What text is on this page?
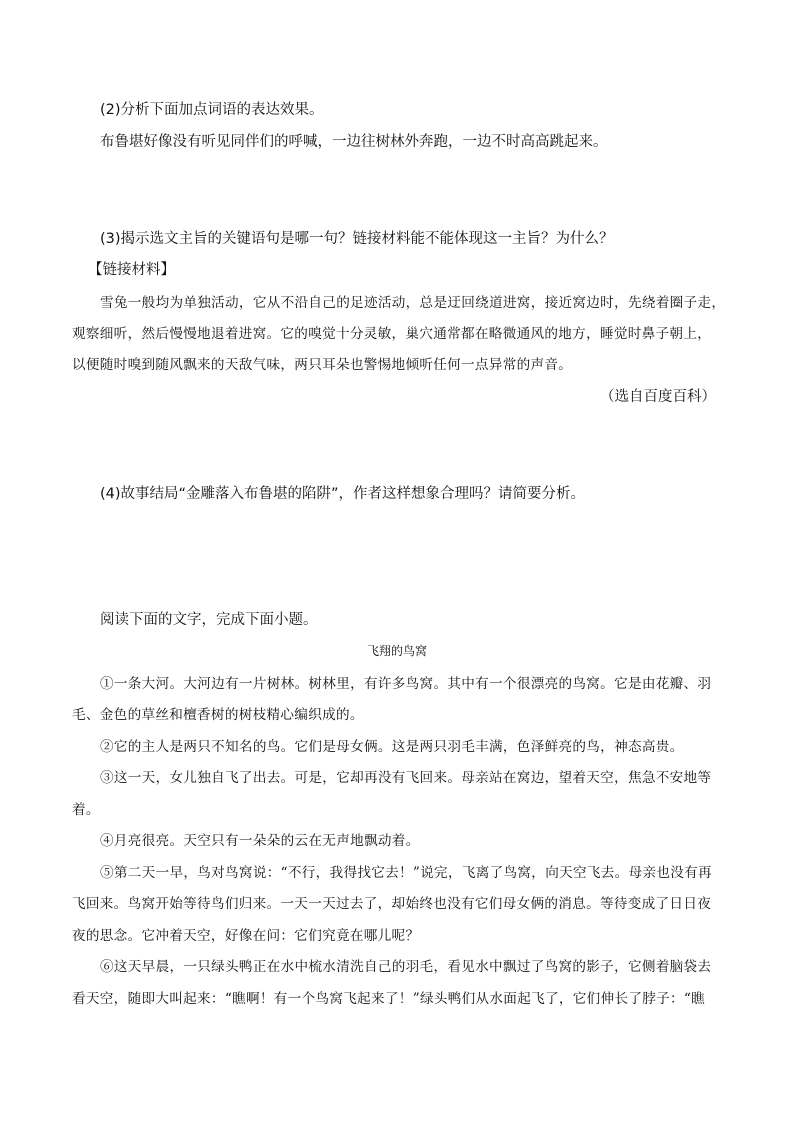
(2)分析下面加点词语的表达效果。
布鲁堪好像没有听见同伴们的呼喊，一边往树林外奔跑，一边不时高高跳起来。
(3)揭示选文主旨的关键语句是哪一句？链接材料能不能体现这一主旨？为什么？
【链接材料】
雪兔一般均为单独活动，它从不沿自己的足迹活动，总是迂回绕道进窝，接近窝边时，先绕着圈子走，
观察细听，然后慢慢地退着进窝。它的嗅觉十分灵敏，巢穴通常都在略微通风的地方，睡觉时鼻子朝上，
以便随时嗅到随风飘来的天敌气味，两只耳朵也警惕地倾听任何一点异常的声音。
（选自百度百科）
(4)故事结局“金雕落入布鲁堪的陷阱”，作者这样想象合理吗？请简要分析。
阅读下面的文字，完成下面小题。
飞翔的鸟窝
①一条大河。大河边有一片树林。树林里，有许多鸟窝。其中有一个很漂亮的鸟窝。它是由花瓣、羽
毛、金色的草丝和檀香树的树枝精心编织成的。
②它的主人是两只不知名的鸟。它们是母女俩。这是两只羽毛丰满，色泽鲜亮的鸟，神态高贵。
③这一天，女儿独自飞了出去。可是，它却再没有飞回来。母亲站在窝边，望着天空，焦急不安地等
着。
④月亮很亮。天空只有一朵朵的云在无声地飘动着。
⑤第二天一早，鸟对鸟窝说：“不行，我得找它去！”说完，飞离了鸟窝，向天空飞去。母亲也没有再
飞回来。鸟窝开始等待鸟们归来。一天一天过去了，却始终也没有它们母女俩的消息。等待变成了日日夜
夜的思念。它冲着天空，好像在问：它们究竟在哪儿呢？
⑥这天早晨，一只绿头鸭正在水中梳水清洗自己的羽毛，看见水中飘过了鸟窝的影子，它侧着脑袋去
看天空，随即大叫起来：“瞧啊！有一个鸟窝飞起来了！”绿头鸭们从水面起飞了，它们伸长了脖子：“瞧
